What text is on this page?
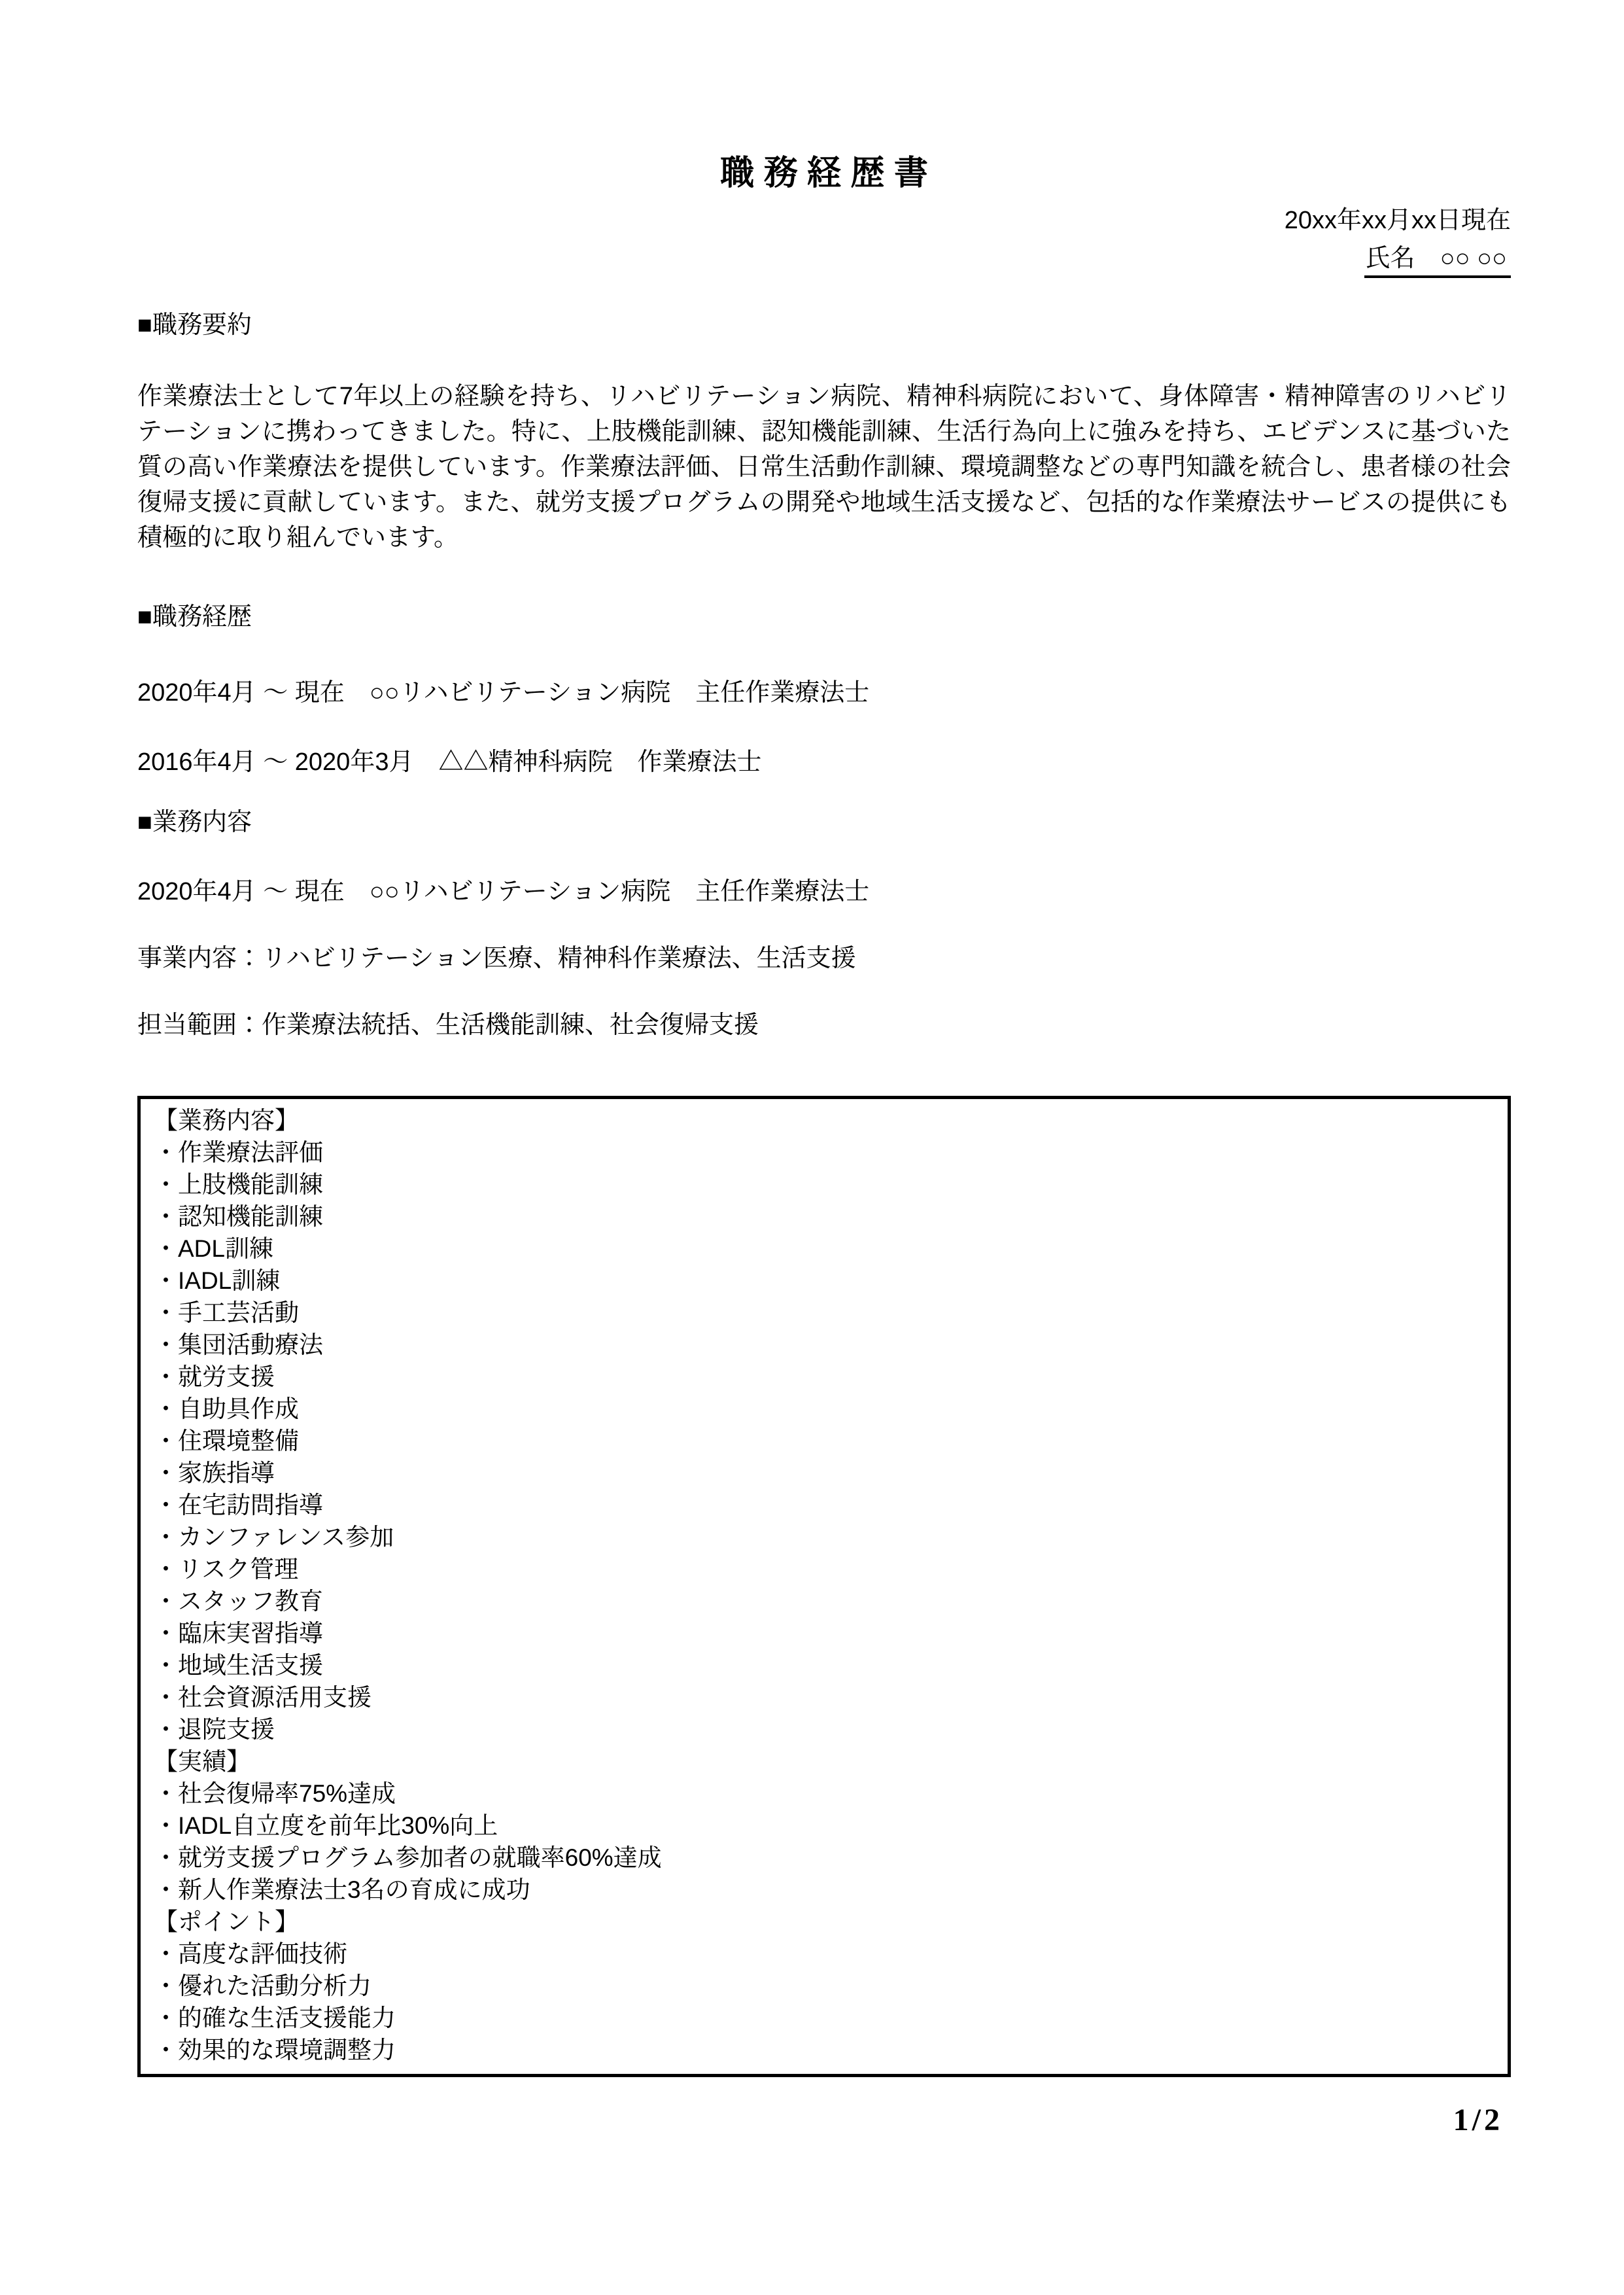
職 務 経 歴 書
20xx年xx月xx日現在
氏名　○○ ○○
■職務要約
作業療法士として7年以上の経験を持ち、リハビリテーション病院、精神科病院において、身体障害・精神障害のリハビリテーションに携わってきました。特に、上肢機能訓練、認知機能訓練、生活行為向上に強みを持ち、エビデンスに基づいた質の高い作業療法を提供しています。作業療法評価、日常生活動作訓練、環境調整などの専門知識を統合し、患者様の社会復帰支援に貢献しています。また、就労支援プログラムの開発や地域生活支援など、包括的な作業療法サービスの提供にも積極的に取り組んでいます。
■職務経歴
2020年4月 ～ 現在　○○リハビリテーション病院　主任作業療法士
2016年4月 ～ 2020年3月　△△精神科病院　作業療法士
■業務内容
2020年4月 ～ 現在　○○リハビリテーション病院　主任作業療法士
事業内容：リハビリテーション医療、精神科作業療法、生活支援
担当範囲：作業療法統括、生活機能訓練、社会復帰支援
【業務内容】
・作業療法評価
・上肢機能訓練
・認知機能訓練
・ADL訓練
・IADL訓練
・手工芸活動
・集団活動療法
・就労支援
・自助具作成
・住環境整備
・家族指導
・在宅訪問指導
・カンファレンス参加
・リスク管理
・スタッフ教育
・臨床実習指導
・地域生活支援
・社会資源活用支援
・退院支援
【実績】
・社会復帰率75%達成
・IADL自立度を前年比30%向上
・就労支援プログラム参加者の就職率60%達成
・新人作業療法士3名の育成に成功
【ポイント】
・高度な評価技術
・優れた活動分析力
・的確な生活支援能力
・効果的な環境調整力
1/2
